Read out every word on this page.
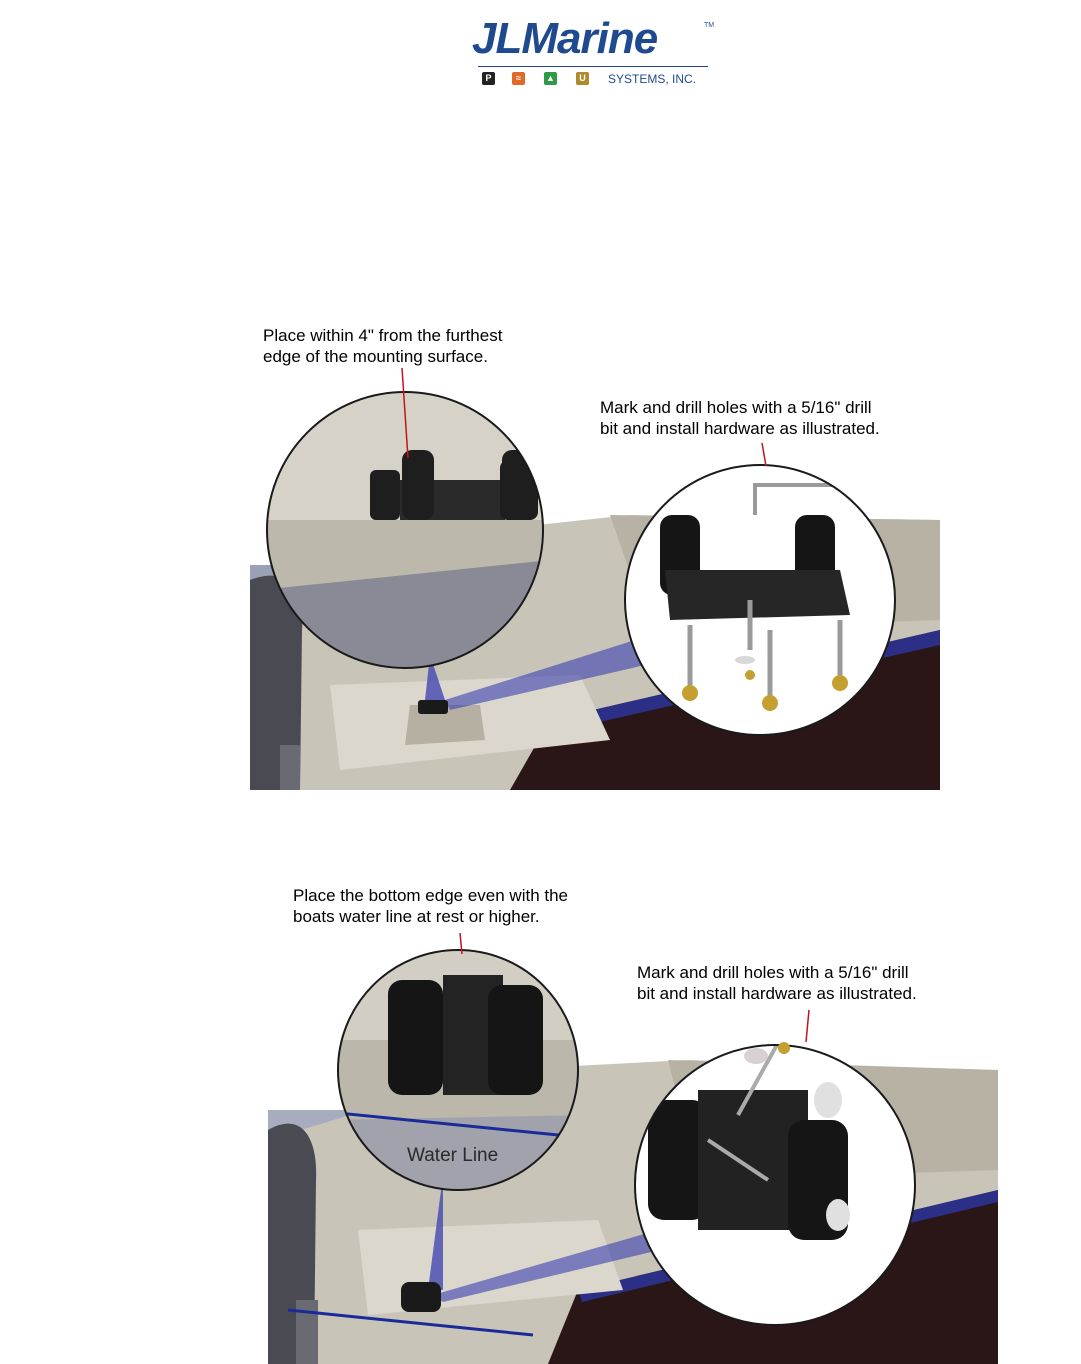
JLMarine	TM
P	≈	▲	U SYSTEMS, INC.
Place within 4" from the furthest
edge of the mounting surface.
Mark and drill holes with a 5/16" drill
bit and install hardware as illustrated.
Place the bottom edge even with the
boats water line at rest or higher.
Mark and drill holes with a 5/16" drill
bit and install hardware as illustrated.
Water Line
